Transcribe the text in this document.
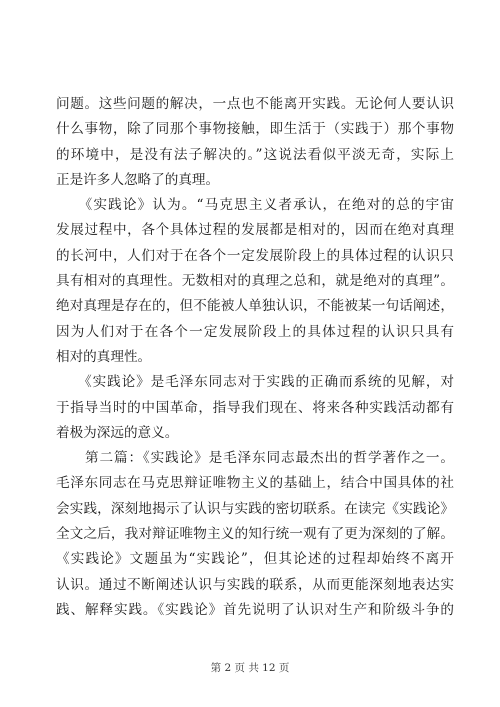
问题。这些问题的解决，一点也不能离开实践。无论何人要认识
什么事物，除了同那个事物接触，即生活于（实践于）那个事物
的环境中，是没有法子解决的。”这说法看似平淡无奇，实际上
正是许多人忽略了的真理。
　　《实践论》认为。“马克思主义者承认，在绝对的总的宇宙
发展过程中，各个具体过程的发展都是相对的，因而在绝对真理
的长河中，人们对于在各个一定发展阶段上的具体过程的认识只
具有相对的真理性。无数相对的真理之总和，就是绝对的真理”。
绝对真理是存在的，但不能被人单独认识，不能被某一句话阐述，
因为人们对于在各个一定发展阶段上的具体过程的认识只具有
相对的真理性。
　　《实践论》是毛泽东同志对于实践的正确而系统的见解，对
于指导当时的中国革命，指导我们现在、将来各种实践活动都有
着极为深远的意义。
　　第二篇：《实践论》是毛泽东同志最杰出的哲学著作之一。
毛泽东同志在马克思辩证唯物主义的基础上，结合中国具体的社
会实践，深刻地揭示了认识与实践的密切联系。在读完《实践论》
全文之后，我对辩证唯物主义的知行统一观有了更为深刻的了解。
《实践论》文题虽为“实践论”，但其论述的过程却始终不离开
认识。通过不断阐述认识与实践的联系，从而更能深刻地表达实
践、解释实践。《实践论》首先说明了认识对生产和阶级斗争的
第 2 页 共 12 页
